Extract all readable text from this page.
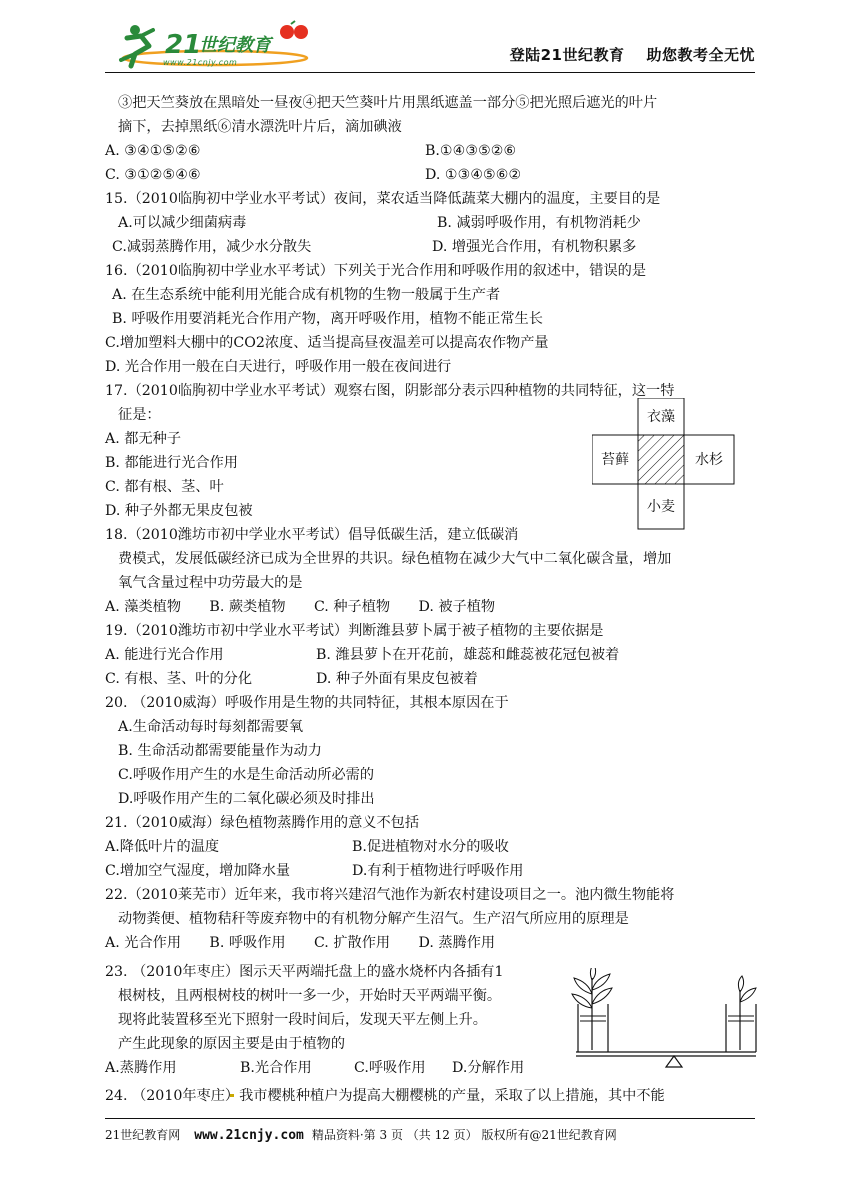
21
世纪教育
www.21cnjy.com	登陆21世纪教育 助您教考全无忧
③把天竺葵放在黑暗处一昼夜④把天竺葵叶片用黑纸遮盖一部分⑤把光照后遮光的叶片
摘下，去掉黑纸⑥清水漂洗叶片后，滴加碘液
A. ③④①⑤②⑥	B.①④③⑤②⑥
C. ③①②⑤④⑥	D. ①③④⑤⑥②
15.（2010临朐初中学业水平考试）夜间，菜农适当降低蔬菜大棚内的温度，主要目的是
A.可以减少细菌病毒	B. 减弱呼吸作用，有机物消耗少
C.减弱蒸腾作用，减少水分散失	D. 增强光合作用，有机物积累多
16.（2010临朐初中学业水平考试）下列关于光合作用和呼吸作用的叙述中，错误的是
A. 在生态系统中能利用光能合成有机物的生物一般属于生产者
B. 呼吸作用要消耗光合作用产物，离开呼吸作用，植物不能正常生长
C.增加塑料大棚中的CO2浓度、适当提高昼夜温差可以提高农作物产量
D. 光合作用一般在白天进行，呼吸作用一般在夜间进行
17.（2010临朐初中学业水平考试）观察右图，阴影部分表示四种植物的共同特征，这一特
征是：
A. 都无种子
B. 都能进行光合作用
C. 都有根、茎、叶
D. 种子外都无果皮包被
衣藻
苔藓	水杉
小麦
18.（2010潍坊市初中学业水平考试）倡导低碳生活，建立低碳消
费模式，发展低碳经济已成为全世界的共识。绿色植物在减少大气中二氧化碳含量，增加
氧气含量过程中功劳最大的是
A. 藻类植物　　B. 蕨类植物　　C. 种子植物　　D. 被子植物
19.（2010潍坊市初中学业水平考试）判断潍县萝卜属于被子植物的主要依据是
A. 能进行光合作用	B. 潍县萝卜在开花前，雄蕊和雌蕊被花冠包被着
C. 有根、茎、叶的分化	D. 种子外面有果皮包被着
20. （2010威海）呼吸作用是生物的共同特征，其根本原因在于
A.生命活动每时每刻都需要氧
B. 生命活动都需要能量作为动力
C.呼吸作用产生的水是生命活动所必需的
D.呼吸作用产生的二氧化碳必须及时排出
21.（2010威海）绿色植物蒸腾作用的意义不包括
A.降低叶片的温度	B.促进植物对水分的吸收
C.增加空气湿度，增加降水量	D.有利于植物进行呼吸作用
22.（2010莱芜市）近年来，我市将兴建沼气池作为新农村建设项目之一。池内微生物能将
动物粪便、植物秸秆等废弃物中的有机物分解产生沼气。生产沼气所应用的原理是
A. 光合作用　　B. 呼吸作用　　C. 扩散作用　　D. 蒸腾作用
23. （2010年枣庄）图示天平两端托盘上的盛水烧杯内各插有1
根树枝，且两根树枝的树叶一多一少，开始时天平两端平衡。
现将此装置移至光下照射一段时间后，发现天平左侧上升。
产生此现象的原因主要是由于植物的
A.蒸腾作用	B.光合作用	C.呼吸作用 D.分解作用
24. （2010年枣庄）我市樱桃种植户为提高大棚樱桃的产量，采取了以上措施，其中不能
21世纪教育网 www.21cnjy.com 精品资料·第 3 页 （共 12 页） 版权所有@21世纪教育网
